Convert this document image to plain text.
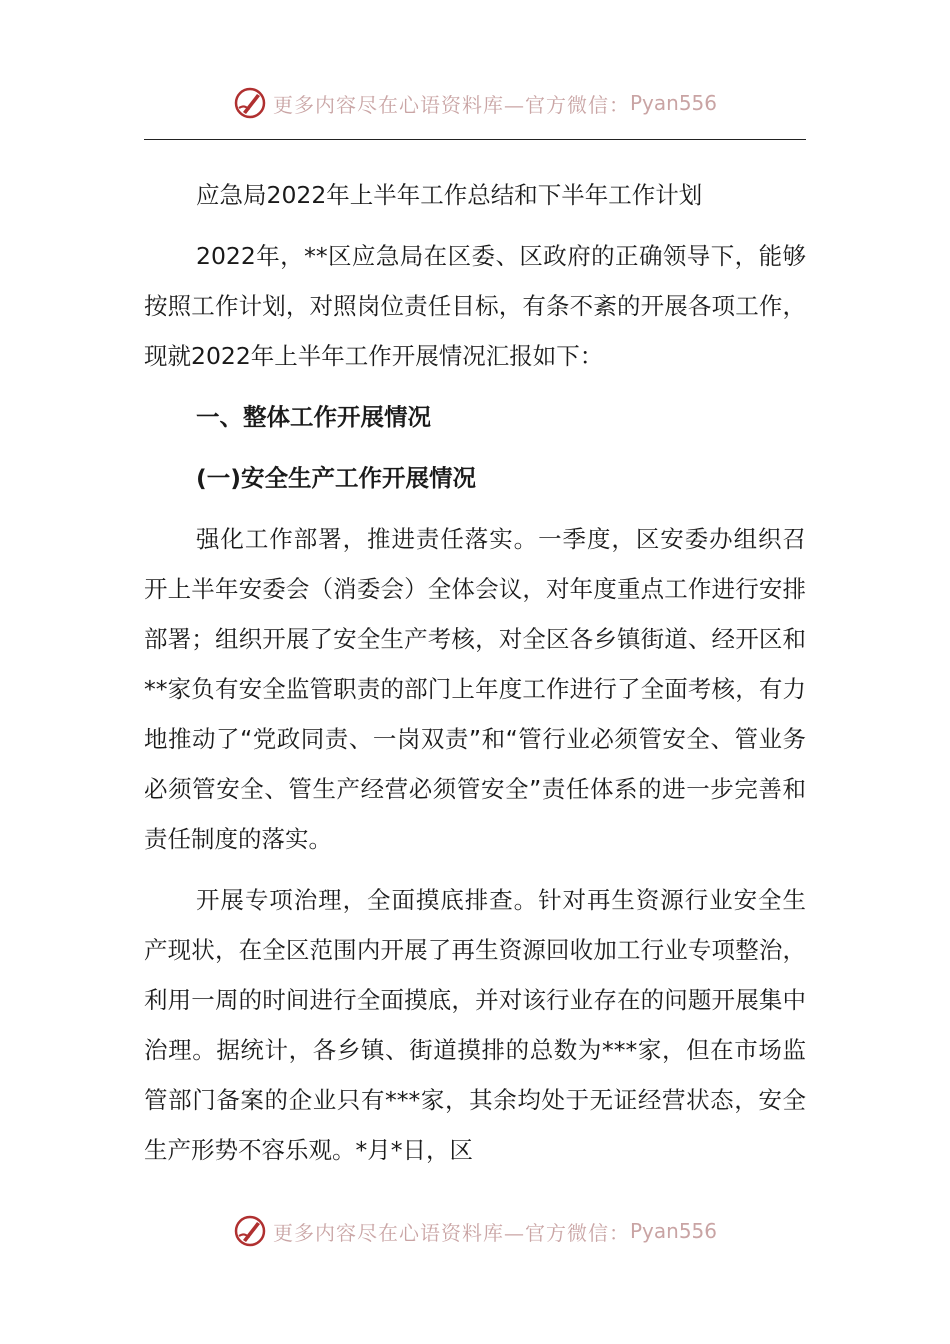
更多内容尽在心语资料库—官方微信： Pyan556

应急局2022年上半年工作总结和下半年工作计划

2022年，**区应急局在区委、区政府的正确领导下，能够按照工作计划，对照岗位责任目标，有条不紊的开展各项工作，现就2022年上半年工作开展情况汇报如下：

一、整体工作开展情况

(一)安全生产工作开展情况

强化工作部署，推进责任落实。一季度，区安委办组织召开上半年安委会（消委会）全体会议，对年度重点工作进行安排部署；组织开展了安全生产考核，对全区各乡镇街道、经开区和**家负有安全监管职责的部门上年度工作进行了全面考核，有力地推动了“党政同责、一岗双责”和“管行业必须管安全、管业务必须管安全、管生产经营必须管安全”责任体系的进一步完善和责任制度的落实。

开展专项治理，全面摸底排查。针对再生资源行业安全生产现状，在全区范围内开展了再生资源回收加工行业专项整治，利用一周的时间进行全面摸底，并对该行业存在的问题开展集中治理。据统计，各乡镇、街道摸排的总数为***家，但在市场监管部门备案的企业只有***家，其余均处于无证经营状态，安全生产形势不容乐观。*月*日，区

更多内容尽在心语资料库—官方微信： Pyan556
